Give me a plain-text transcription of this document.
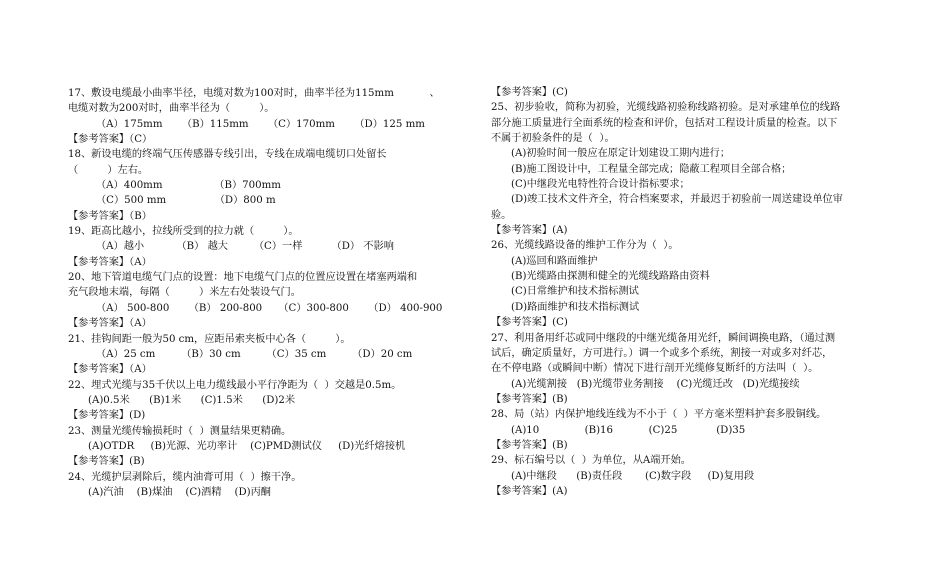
17、敷设电缆最小曲率半径，电缆对数为100对时，曲率半径为115mm           、
电缆对数为200对时，曲率半径为（         ）。
（A）175mm      （B）115mm      （C）170mm      （D）125 mm
【参考答案】（C）
18、新设电缆的终端气压传感器专线引出，专线在成端电缆切口处留长
（         ）左右。
（A）400mm                （B）700mm
（C）500 mm               （D）800 m
【参考答案】（B）
19、距高比越小，拉线所受到的拉力就（         ）。
（A）越小          （B） 越大        （C）一样         （D） 不影响
【参考答案】（A）
20、地下管道电缆气门点的设置：地下电缆气门点的位置应设置在堵塞两端和
充气段地末端，每隔（         ）米左右处装设气门。
（A） 500-800      （B） 200-800     （C）300-800      （D） 400-900
【参考答案】（A）
21、挂钩间距一般为50 cm，应距吊索夹板中心各（         ）。
（A）25 cm        （B）30 cm        （C）35 cm        （D）20 cm
【参考答案】（A）
22、埋式光缆与35千伏以上电力缆线最小平行净距为（  ）交越是0.5m。
(A)0.5米      (B)1米      (C)1.5米      (D)2米
【参考答案】(D)
23、测量光缆传输损耗时（  ）测量结果更精确。
(A)OTDR     (B)光源、光功率计    (C)PMD测试仪     (D)光纤熔接机
【参考答案】(B)
24、光缆护层剥除后，缆内油膏可用（  ）擦干净。
(A)汽油    (B)煤油    (C)酒精    (D)丙酮
【参考答案】(C)
25、初步验收，简称为初验，光缆线路初验称线路初验。是对承建单位的线路
部分施工质量进行全面系统的检查和评价，包括对工程设计质量的检查。以下
不属于初验条件的是（  ）。
(A)初验时间一般应在原定计划建设工期内进行；
(B)施工图设计中，工程量全部完成；隐蔽工程项目全部合格；
(C)中继段光电特性符合设计指标要求；
(D)竣工技术文件齐全，符合档案要求，并最迟于初验前一周送建设单位审
验。
【参考答案】(A)
26、光缆线路设备的维护工作分为（  ）。
(A)巡回和路面维护
(B)光缆路由探测和健全的光缆线路路由资料
(C)日常维护和技术指标测试
(D)路面维护和技术指标测试
【参考答案】(C)
27、利用备用纤芯或同中继段的中继光缆备用光纤，瞬间调换电路，（通过测
试后，确定质量好，方可进行。）调一个或多个系统，割接一对或多对纤芯，
在不停电路（或瞬间中断）情况下进行剖开光缆修复断纤的方法叫（  ）。
(A)光缆割接   (B)光缆带业务割接    (C)光缆迁改   (D)光缆接续
【参考答案】(B)
28、局（站）内保护地线连线为不小于（  ）平方毫米塑料护套多股铜线。
(A)10              (B)16           (C)25            (D)35
【参考答案】(B)
29、标石编号以（  ）为单位，从A端开始。
(A)中继段      (B)责任段       (C)数字段     (D)复用段
【参考答案】(A)
